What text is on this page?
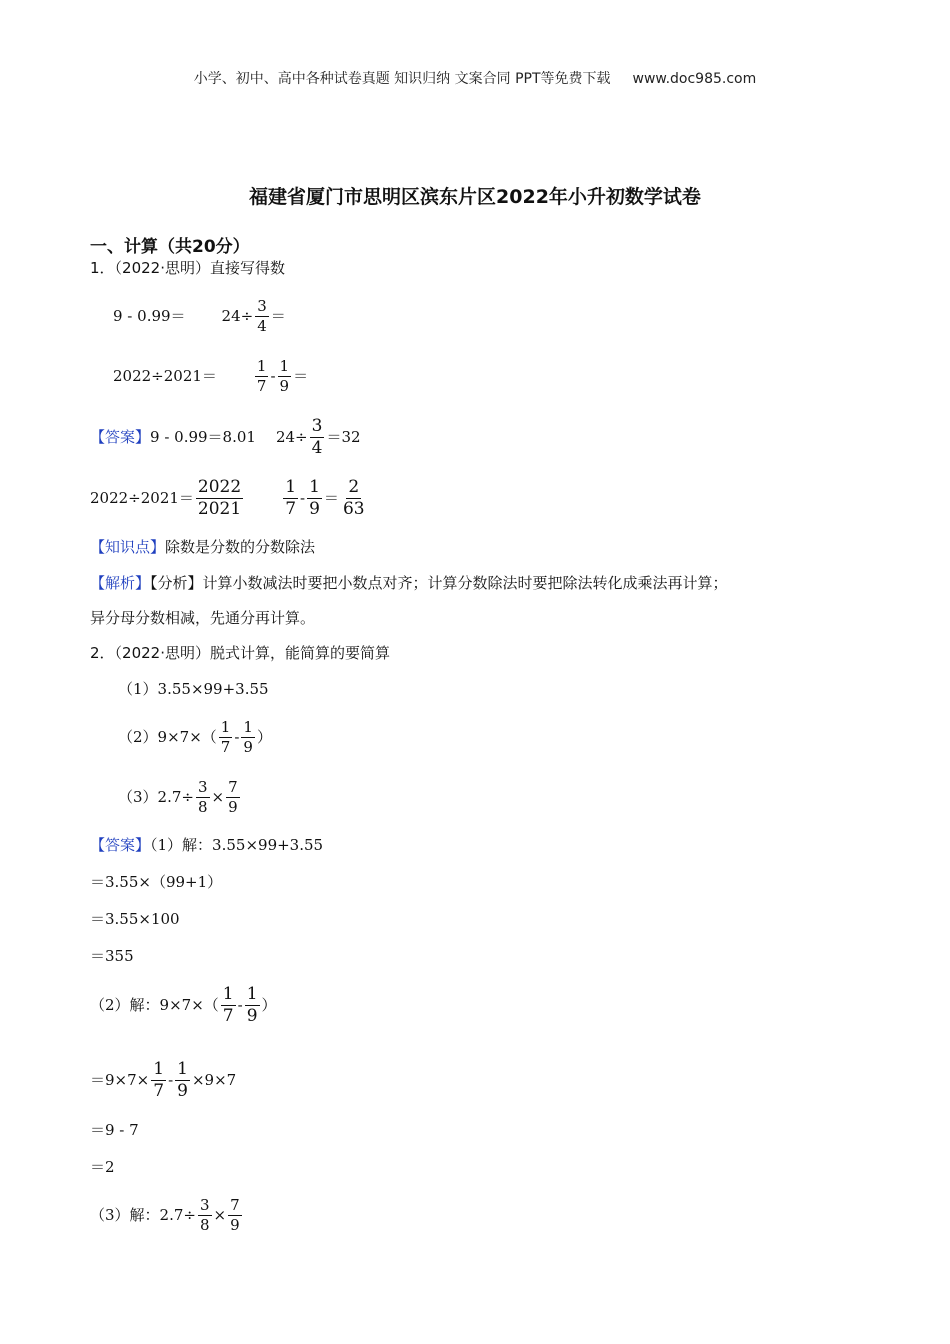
小学、初中、高中各种试卷真题 知识归纳 文案合同 PPT等免费下载 www.doc985.com
福建省厦门市思明区滨东片区2022年小升初数学试卷
一、计算（共20分）
1．（2022·思明）直接写得数
$9 - 0.99= 24\div \frac{3}{4}$ ＝
2022÷2021＝	$\frac{1}{7} - \frac{1}{9}$ ＝
【答案】 9 - 0.99＝8.01 $24\div \frac{3}{4} =32$
$2022\div 2021= \frac{2022}{2021} \frac{1}{7} - \frac{1}{9} = \frac{2}{63}$
【知识点】除数是分数的分数除法
【解析】【分析】计算小数减法时要把小数点对齐；计算分数除法时要把除法转化成乘法再计算；
异分母分数相减，先通分再计算。
2．（2022·思明）脱式计算，能简算的要简算
（1）3.55×99+3.55
$(2)9\times 7\times( \frac{1}{7} - \frac{1}{9}$ ）
$(3)2.7\div \frac{3}{8} \times \frac{7}{9}$
【答案】（1）解：3.55×99+3.55
＝3.55×（99+1）
＝3.55×100
＝355
（2）解：$9\times 7\times( \frac{1}{7} - \frac{1}{9}$ ）
$=9\times 7\times \frac{1}{7} - \frac{1}{9} \times 9\times 7$
＝9 - 7
＝2
（3）解：$2.7\div \frac{3}{8} \times \frac{7}{9}$
